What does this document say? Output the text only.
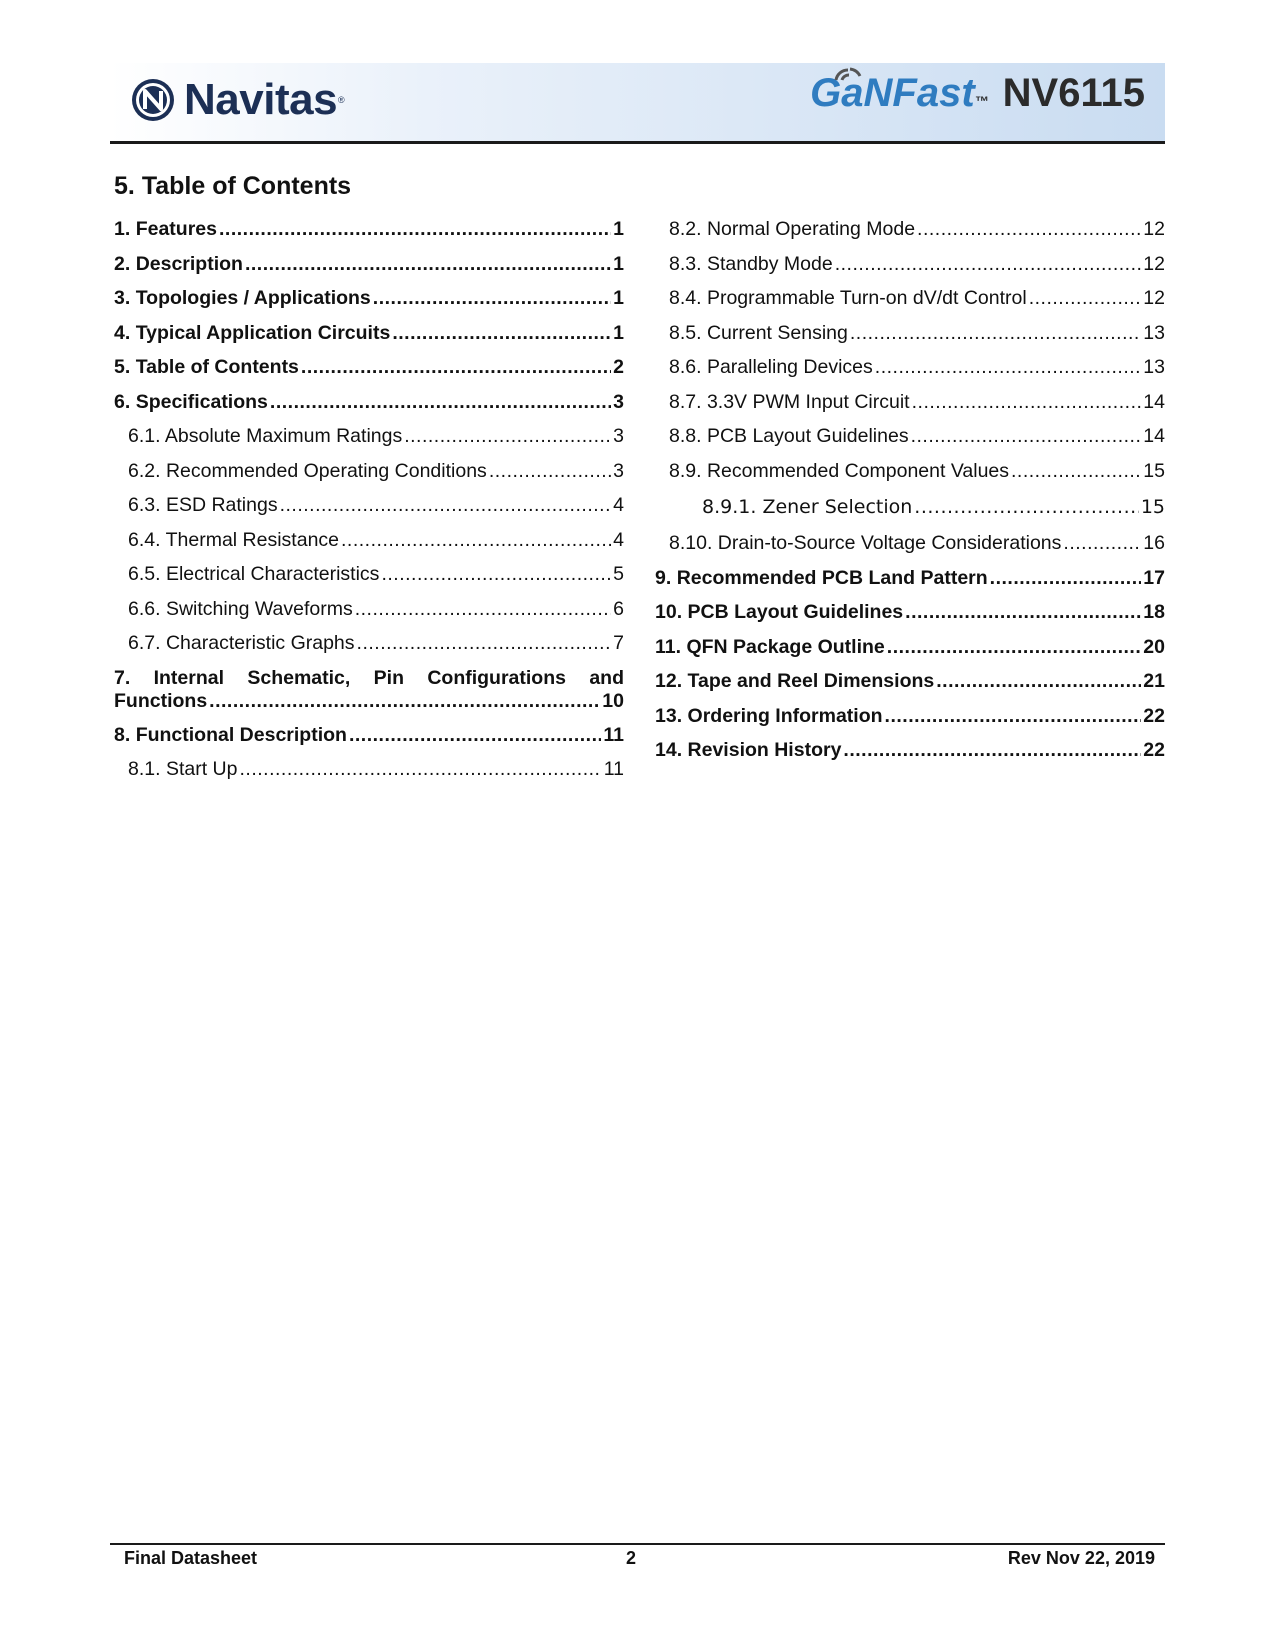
Navitas ®	GaNFast ™ NV6115
5. Table of Contents
1. Features .....	1
2. Description .....	1
3. Topologies / Applications .....	1
4. Typical Application Circuits .....	1
5. Table of Contents .....	2
6. Specifications .....	3
6.1. Absolute Maximum Ratings .....	3
6.2. Recommended Operating Conditions .....	3
6.3. ESD Ratings .....	4
6.4. Thermal Resistance .....	4
6.5. Electrical Characteristics .....	5
6.6. Switching Waveforms .....	6
6.7. Characteristic Graphs .....	7
7. Internal Schematic, Pin Configurations and
Functions .....	10
8. Functional Description .....	11
8.1. Start Up .....	11
8.2. Normal Operating Mode .....	12
8.3. Standby Mode .....	12
8.4. Programmable Turn-on dV/dt Control .....	12
8.5. Current Sensing .....	13
8.6. Paralleling Devices .....	13
8.7. 3.3V PWM Input Circuit .....	14
8.8. PCB Layout Guidelines .....	14
8.9. Recommended Component Values .....	15
8.9.1. Zener Selection .....	15
8.10. Drain-to-Source Voltage Considerations .....	16
9. Recommended PCB Land Pattern .....	17
10. PCB Layout Guidelines .....	18
11. QFN Package Outline .....	20
12. Tape and Reel Dimensions .....	21
13. Ordering Information .....	22
14. Revision History .....	22
Final Datasheet	2	Rev Nov 22, 2019
